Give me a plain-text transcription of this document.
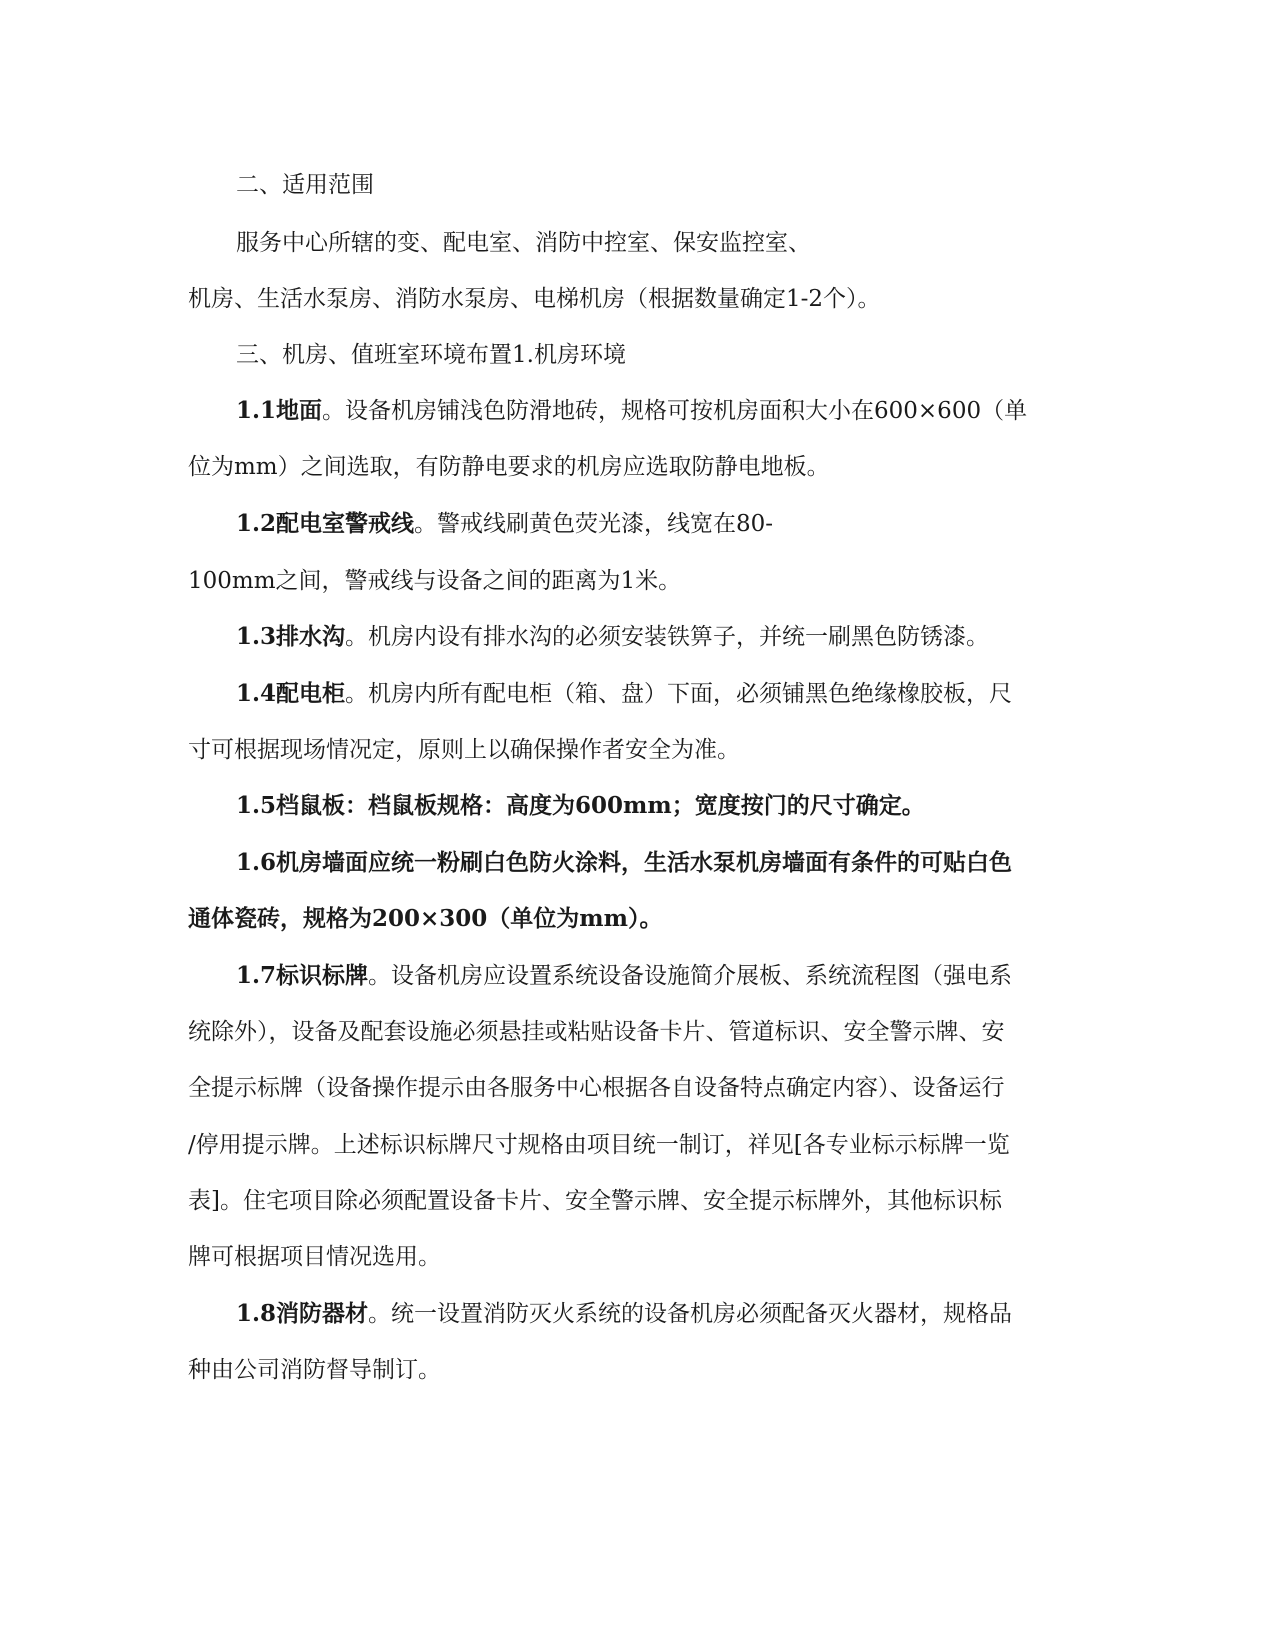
二、适用范围

服务中心所辖的变、配电室、消防中控室、保安监控室、

机房、生活水泵房、消防水泵房、电梯机房（根据数量确定1-2个）。

三、机房、值班室环境布置1.机房环境

1.1地面。设备机房铺浅色防滑地砖，规格可按机房面积大小在600×600（单

位为mm）之间选取，有防静电要求的机房应选取防静电地板。

1.2配电室警戒线。警戒线刷黄色荧光漆，线宽在80-

100mm之间，警戒线与设备之间的距离为1米。

1.3排水沟。机房内设有排水沟的必须安装铁箅子，并统一刷黑色防锈漆。

1.4配电柜。机房内所有配电柜（箱、盘）下面，必须铺黑色绝缘橡胶板，尺

寸可根据现场情况定，原则上以确保操作者安全为准。

1.5档鼠板：档鼠板规格：高度为600mm；宽度按门的尺寸确定。

1.6机房墙面应统一粉刷白色防火涂料，生活水泵机房墙面有条件的可贴白色

通体瓷砖，规格为200×300（单位为mm）。

1.7标识标牌。设备机房应设置系统设备设施简介展板、系统流程图（强电系

统除外），设备及配套设施必须悬挂或粘贴设备卡片、管道标识、安全警示牌、安

全提示标牌（设备操作提示由各服务中心根据各自设备特点确定内容）、设备运行

/停用提示牌。上述标识标牌尺寸规格由项目统一制订，祥见[各专业标示标牌一览

表]。住宅项目除必须配置设备卡片、安全警示牌、安全提示标牌外，其他标识标

牌可根据项目情况选用。

1.8消防器材。统一设置消防灭火系统的设备机房必须配备灭火器材，规格品

种由公司消防督导制订。
